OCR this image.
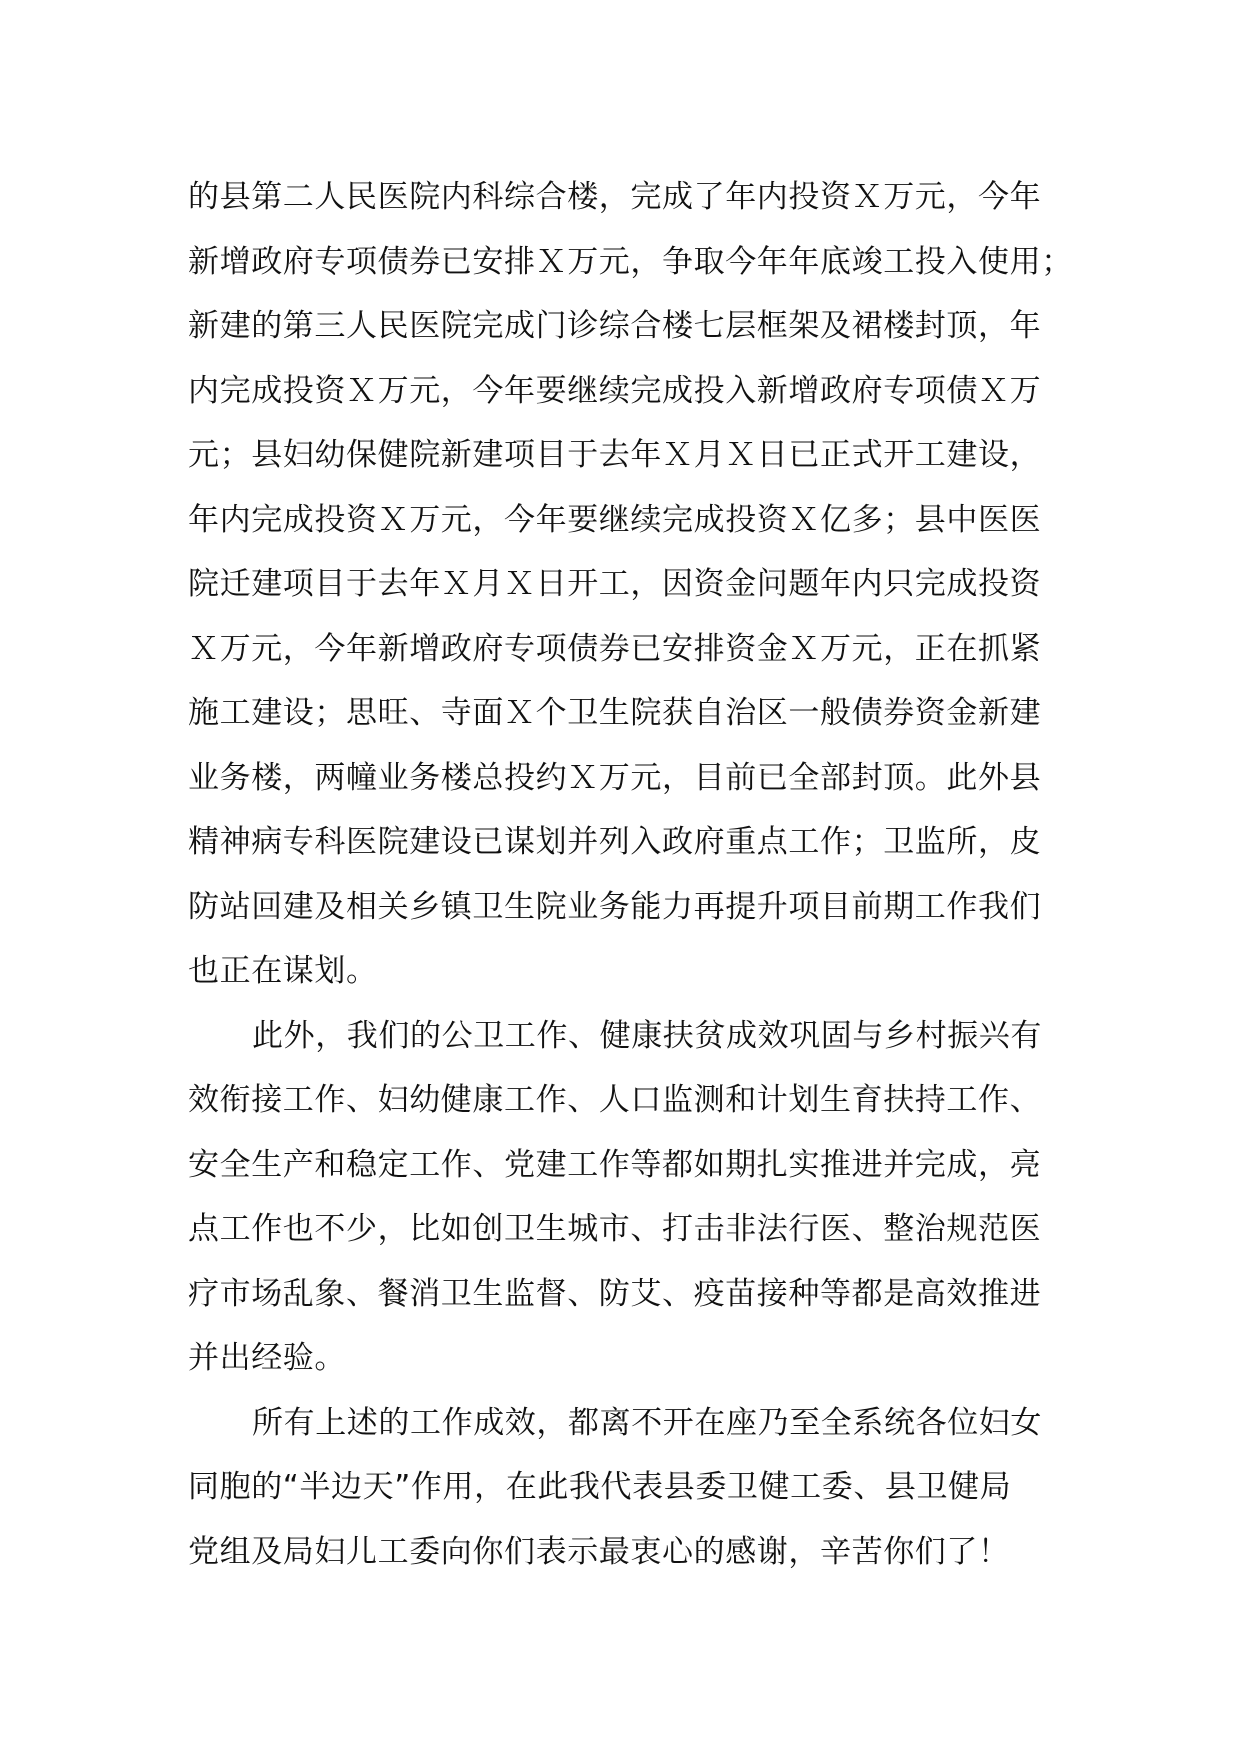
的县第二人民医院内科综合楼，完成了年内投资Ｘ万元，今年
新增政府专项债券已安排Ｘ万元，争取今年年底竣工投入使用；
新建的第三人民医院完成门诊综合楼七层框架及裙楼封顶，年
内完成投资Ｘ万元，今年要继续完成投入新增政府专项债Ｘ万
元；县妇幼保健院新建项目于去年Ｘ月Ｘ日已正式开工建设，
年内完成投资Ｘ万元，今年要继续完成投资Ｘ亿多；县中医医
院迁建项目于去年Ｘ月Ｘ日开工，因资金问题年内只完成投资
Ｘ万元，今年新增政府专项债券已安排资金Ｘ万元，正在抓紧
施工建设；思旺、寺面Ｘ个卫生院获自治区一般债券资金新建
业务楼，两幢业务楼总投约Ｘ万元，目前已全部封顶。此外县
精神病专科医院建设已谋划并列入政府重点工作；卫监所，皮
防站回建及相关乡镇卫生院业务能力再提升项目前期工作我们
也正在谋划。
此外，我们的公卫工作、健康扶贫成效巩固与乡村振兴有
效衔接工作、妇幼健康工作、人口监测和计划生育扶持工作、
安全生产和稳定工作、党建工作等都如期扎实推进并完成，亮
点工作也不少，比如创卫生城市、打击非法行医、整治规范医
疗市场乱象、餐消卫生监督、防艾、疫苗接种等都是高效推进
并出经验。
所有上述的工作成效，都离不开在座乃至全系统各位妇女
同胞的“半边天”作用，在此我代表县委卫健工委、县卫健局
党组及局妇儿工委向你们表示最衷心的感谢，辛苦你们了！
